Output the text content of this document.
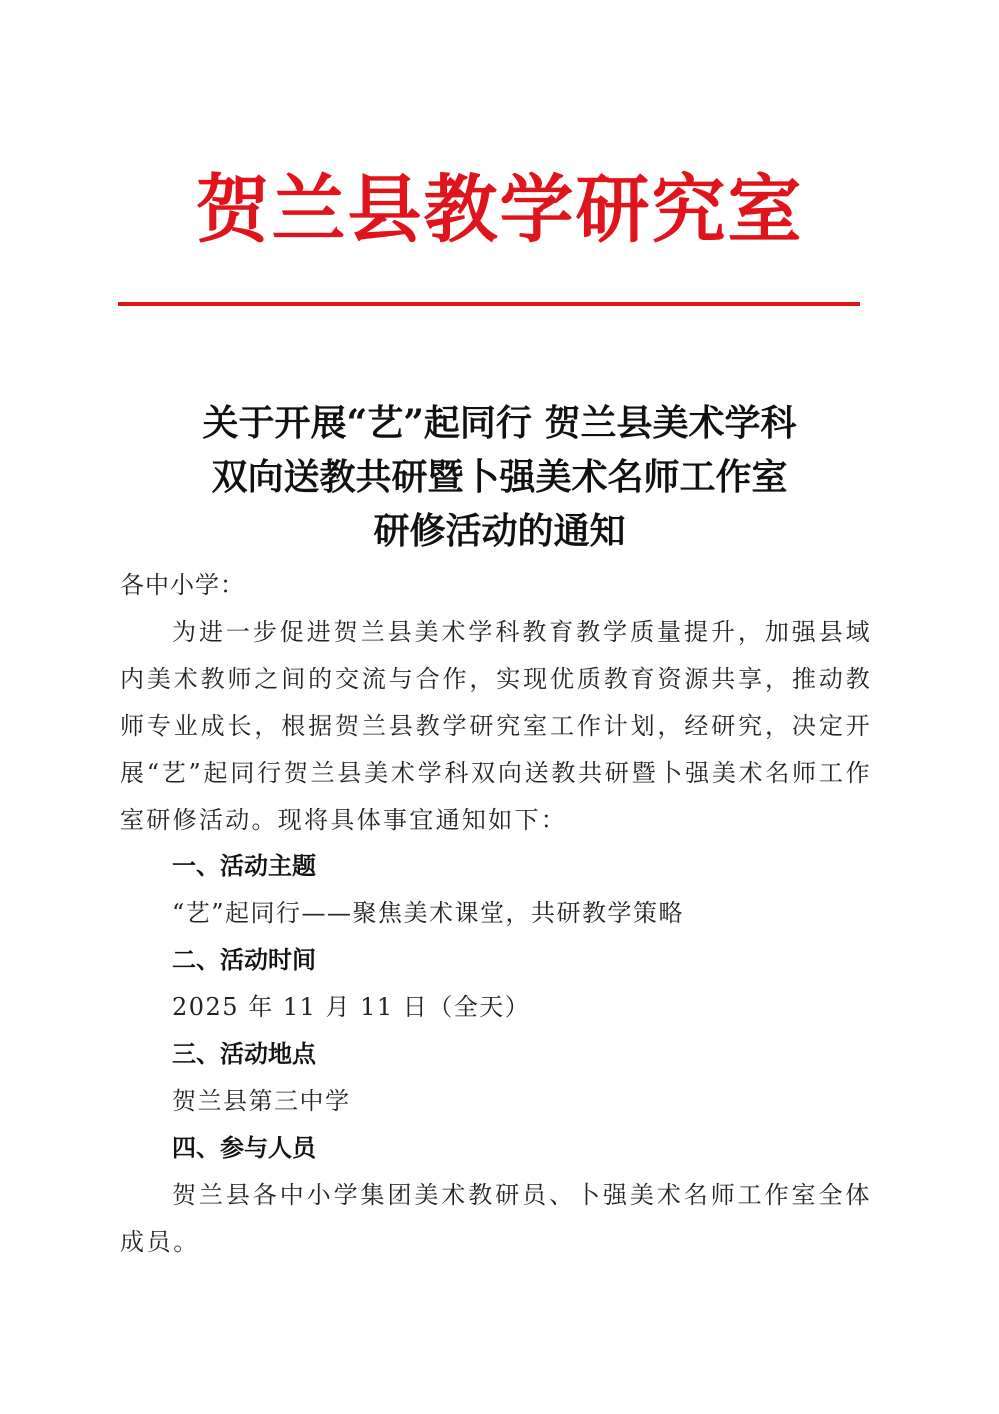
贺兰县教学研究室
关于开展“艺”起同行 贺兰县美术学科
双向送教共研暨卜强美术名师工作室
研修活动的通知
各中小学：
为进一步促进贺兰县美术学科教育教学质量提升，加强县域内美术教师之间的交流与合作，实现优质教育资源共享，推动教师专业成长，根据贺兰县教学研究室工作计划，经研究，决定开展“艺”起同行贺兰县美术学科双向送教共研暨卜强美术名师工作室研修活动。现将具体事宜通知如下：
一、活动主题
“艺”起同行——聚焦美术课堂，共研教学策略
二、活动时间
2025 年 11 月 11 日（全天）
三、活动地点
贺兰县第三中学
四、参与人员
贺兰县各中小学集团美术教研员、卜强美术名师工作室全体成员。
